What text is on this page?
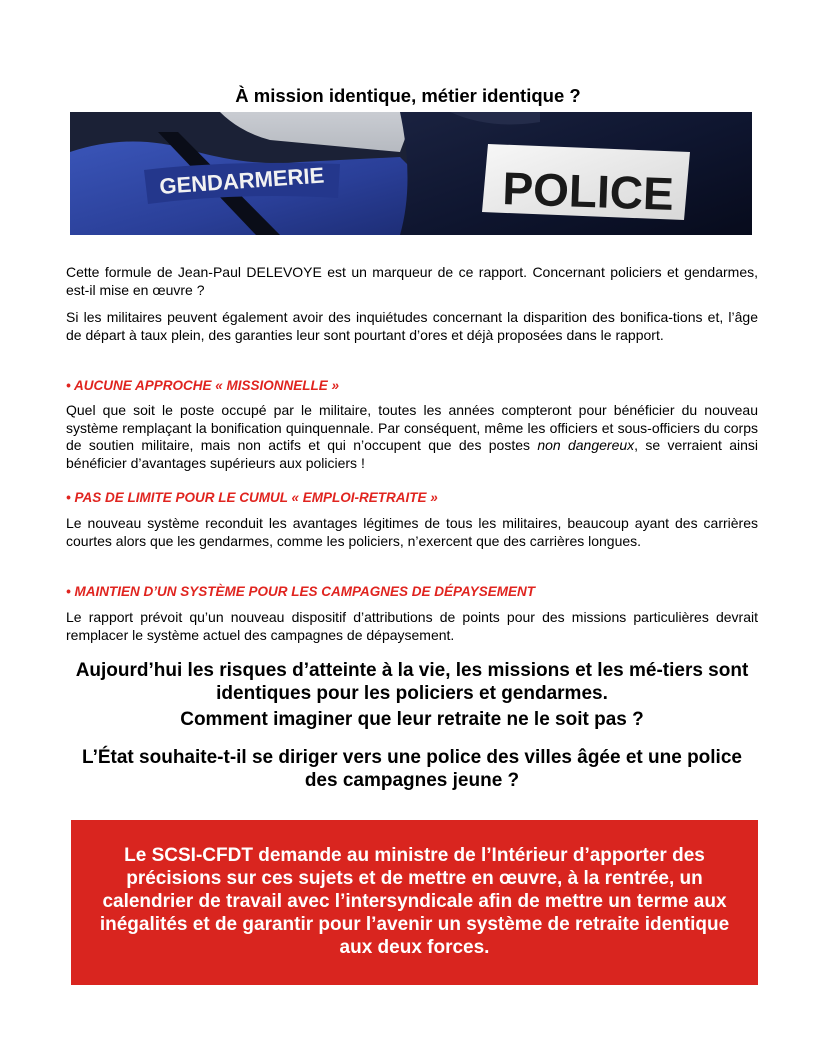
À mission identique, métier identique ?
GENDARMERIE	POLICE
Cette formule de Jean-Paul DELEVOYE est un marqueur de ce rapport. Concernant policiers et gendarmes, est-il mise en œuvre ?
Si les militaires peuvent également avoir des inquiétudes concernant la disparition des bonifica-tions et, l’âge de départ à taux plein, des garanties leur sont pourtant d’ores et déjà proposées dans le rapport.
• AUCUNE APPROCHE « MISSIONNELLE »
Quel que soit le poste occupé par le militaire, toutes les années compteront pour bénéficier du nouveau système remplaçant la bonification quinquennale. Par conséquent, même les officiers et sous-officiers du corps de soutien militaire, mais non actifs et qui n’occupent que des postes non dangereux, se verraient ainsi bénéficier d’avantages supérieurs aux policiers !
• PAS DE LIMITE POUR LE CUMUL « EMPLOI-RETRAITE »
Le nouveau système reconduit les avantages légitimes de tous les militaires, beaucoup ayant des carrières courtes alors que les gendarmes, comme les policiers, n’exercent que des carrières longues.
• MAINTIEN D’UN SYSTÈME POUR LES CAMPAGNES DE DÉPAYSEMENT
Le rapport prévoit qu’un nouveau dispositif d’attributions de points pour des missions particulières devrait remplacer le système actuel des campagnes de dépaysement.
Aujourd’hui les risques d’atteinte à la vie, les missions et les mé-tiers sont identiques pour les policiers et gendarmes.
Comment imaginer que leur retraite ne le soit pas ?
L’État souhaite-t-il se diriger vers une police des villes âgée et une police des campagnes jeune ?
Le SCSI-CFDT demande au ministre de l’Intérieur d’apporter des précisions sur ces sujets et de mettre en œuvre, à la rentrée, un calendrier de travail avec l’intersyndicale afin de mettre un terme aux inégalités et de garantir pour l’avenir un système de retraite identique aux deux forces.
